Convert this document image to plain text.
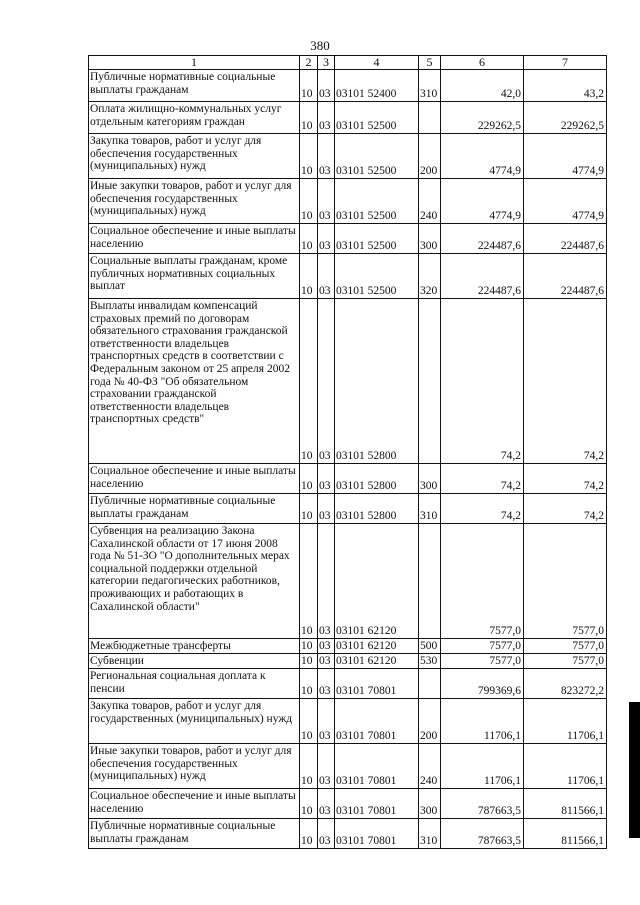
380
1	2	3	4	5	6	7
Публичные нормативные социальные выплаты гражданам	10	03	03101 52400	310	42,0	43,2
Оплата жилищно-коммунальных услуг отдельным категориям граждан	10	03	03101 52500		229262,5	229262,5
Закупка товаров, работ и услуг для обеспечения государственных (муниципальных) нужд	10	03	03101 52500	200	4774,9	4774,9
Иные закупки товаров, работ и услуг для обеспечения государственных (муниципальных) нужд	10	03	03101 52500	240	4774,9	4774,9
Социальное обеспечение и иные выплаты населению	10	03	03101 52500	300	224487,6	224487,6
Социальные выплаты гражданам, кроме публичных нормативных социальных выплат	10	03	03101 52500	320	224487,6	224487,6
Выплаты инвалидам компенсаций страховых премий по договорам обязательного страхования гражданской ответственности владельцев транспортных средств в соответствии с Федеральным законом от 25 апреля 2002 года № 40-ФЗ "Об обязательном страховании гражданской ответственности владельцев транспортных средств"	10	03	03101 52800		74,2	74,2
Социальное обеспечение и иные выплаты населению	10	03	03101 52800	300	74,2	74,2
Публичные нормативные социальные выплаты гражданам	10	03	03101 52800	310	74,2	74,2
Субвенция на реализацию Закона Сахалинской области от 17 июня 2008 года № 51-ЗО "О дополнительных мерах социальной поддержки отдельной категории педагогических работников, проживающих и работающих в Сахалинской области"	10	03	03101 62120		7577,0	7577,0
Межбюджетные трансферты	10	03	03101 62120	500	7577,0	7577,0
Субвенции	10	03	03101 62120	530	7577,0	7577,0
Региональная социальная доплата к пенсии	10	03	03101 70801		799369,6	823272,2
Закупка товаров, работ и услуг для государственных (муниципальных) нужд	10	03	03101 70801	200	11706,1	11706,1
Иные закупки товаров, работ и услуг для обеспечения государственных (муниципальных) нужд	10	03	03101 70801	240	11706,1	11706,1
Социальное обеспечение и иные выплаты населению	10	03	03101 70801	300	787663,5	811566,1
Публичные нормативные социальные выплаты гражданам	10	03	03101 70801	310	787663,5	811566,1
